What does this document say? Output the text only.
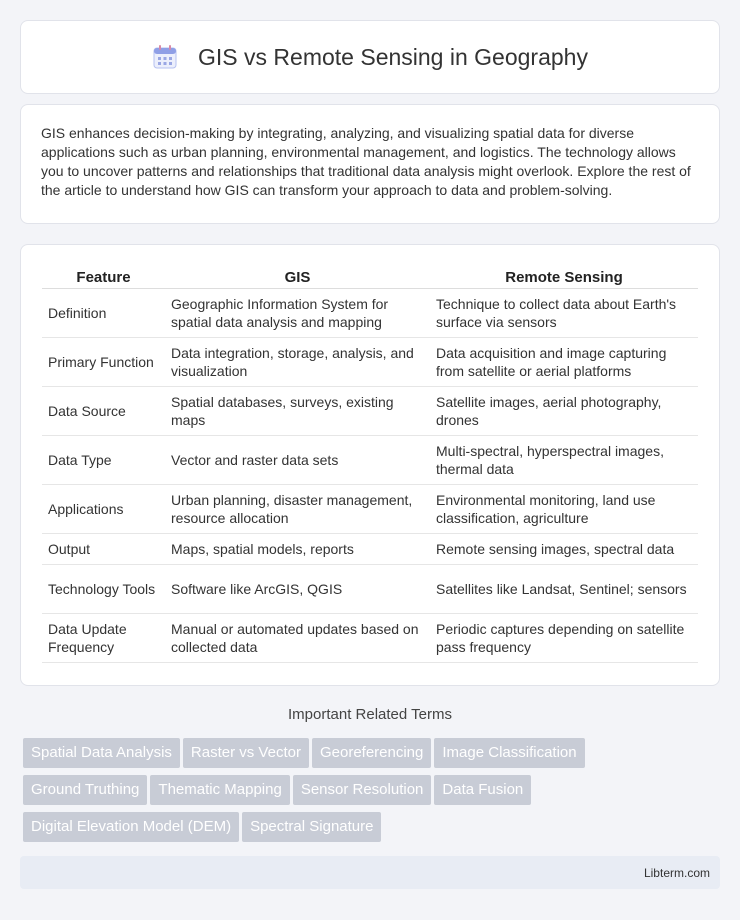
GIS vs Remote Sensing in Geography

GIS enhances decision-making by integrating, analyzing, and visualizing spatial data for diverse applications such as urban planning, environmental management, and logistics. The technology allows you to uncover patterns and relationships that traditional data analysis might overlook. Explore the rest of the article to understand how GIS can transform your approach to data and problem-solving.

Feature	GIS	Remote Sensing
Definition	Geographic Information System for spatial data analysis and mapping	Technique to collect data about Earth's surface via sensors
Primary Function	Data integration, storage, analysis, and visualization	Data acquisition and image capturing from satellite or aerial platforms
Data Source	Spatial databases, surveys, existing maps	Satellite images, aerial photography, drones
Data Type	Vector and raster data sets	Multi-spectral, hyperspectral images, thermal data
Applications	Urban planning, disaster management, resource allocation	Environmental monitoring, land use classification, agriculture
Output	Maps, spatial models, reports	Remote sensing images, spectral data
Technology Tools	Software like ArcGIS, QGIS	Satellites like Landsat, Sentinel; sensors
Data Update Frequency	Manual or automated updates based on collected data	Periodic captures depending on satellite pass frequency
Important Related Terms
Spatial Data Analysis Raster vs Vector Georeferencing Image Classification
Ground Truthing Thematic Mapping Sensor Resolution Data Fusion
Digital Elevation Model (DEM) Spectral Signature
Libterm.com
